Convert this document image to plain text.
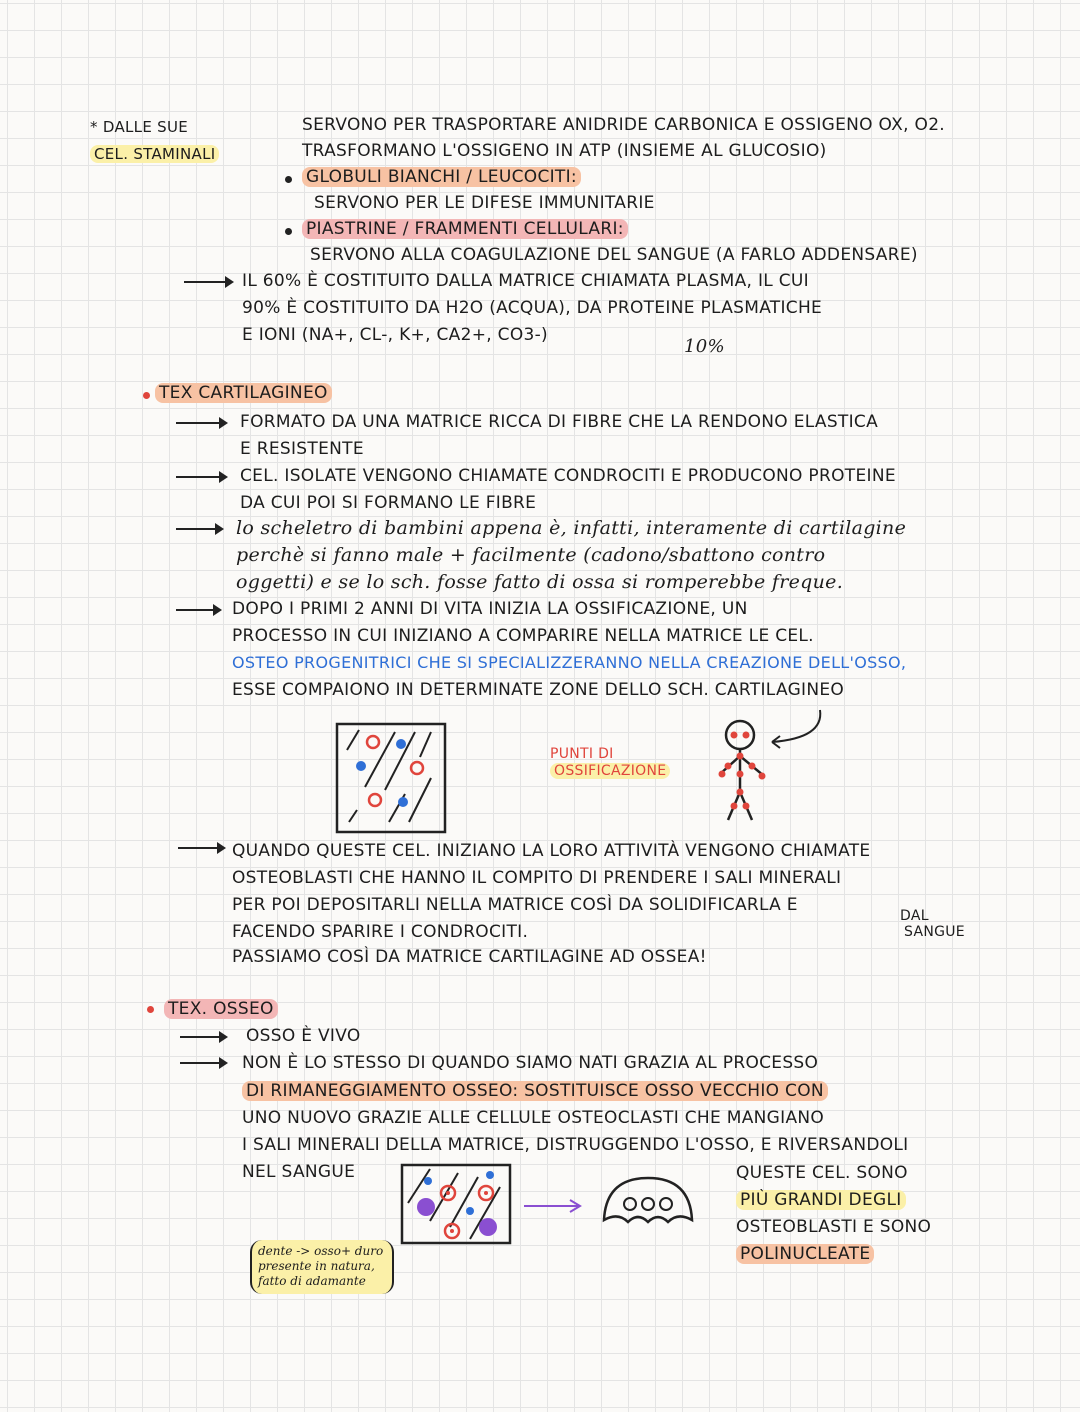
* DALLE SUE
CEL. STAMINALI
SERVONO PER TRASPORTARE ANIDRIDE CARBONICA E OSSIGENO OX, O2.
TRASFORMANO L'OSSIGENO IN ATP (INSIEME AL GLUCOSIO)
GLOBULI BIANCHI / LEUCOCITI:
SERVONO PER LE DIFESE IMMUNITARIE
PIASTRINE / FRAMMENTI CELLULARI:
SERVONO ALLA COAGULAZIONE DEL SANGUE (A FARLO ADDENSARE)
IL 60% È COSTITUITO DALLA MATRICE CHIAMATA PLASMA, IL CUI
90% È COSTITUITO DA H2O (ACQUA), DA PROTEINE PLASMATICHE
E IONI (NA+, CL-, K+, CA2+, CO3-)
10%
TEX CARTILAGINEO
FORMATO DA UNA MATRICE RICCA DI FIBRE CHE LA RENDONO ELASTICA
E RESISTENTE
CEL. ISOLATE VENGONO CHIAMATE CONDROCITI E PRODUCONO PROTEINE
DA CUI POI SI FORMANO LE FIBRE
lo scheletro di bambini appena è, infatti, interamente di cartilagine
perchè si fanno male + facilmente (cadono/sbattono contro
oggetti) e se lo sch. fosse fatto di ossa si romperebbe freque.
DOPO I PRIMI 2 ANNI DI VITA INIZIA LA OSSIFICAZIONE, UN
PROCESSO IN CUI INIZIANO A COMPARIRE NELLA MATRICE LE CEL.
OSTEO PROGENITRICI CHE SI SPECIALIZZERANNO NELLA CREAZIONE DELL'OSSO,
ESSE COMPAIONO IN DETERMINATE ZONE DELLO SCH. CARTILAGINEO
PUNTI DI
OSSIFICAZIONE
QUANDO QUESTE CEL. INIZIANO LA LORO ATTIVITÀ VENGONO CHIAMATE
OSTEOBLASTI CHE HANNO IL COMPITO DI PRENDERE I SALI MINERALI
PER POI DEPOSITARLI NELLA MATRICE COSÌ DA SOLIDIFICARLA E
FACENDO SPARIRE I CONDROCITI.
PASSIAMO COSÌ DA MATRICE CARTILAGINE AD OSSEA!
DAL
SANGUE
TEX. OSSEO
OSSO È VIVO
NON È LO STESSO DI QUANDO SIAMO NATI GRAZIA AL PROCESSO
DI RIMANEGGIAMENTO OSSEO: SOSTITUISCE OSSO VECCHIO CON
UNO NUOVO GRAZIE ALLE CELLULE OSTEOCLASTI CHE MANGIANO
I SALI MINERALI DELLA MATRICE, DISTRUGGENDO L'OSSO, E RIVERSANDOLI
NEL SANGUE	QUESTE CEL. SONO
PIÙ GRANDI DEGLI
OSTEOBLASTI E SONO
POLINUCLEATE
dente -> osso+ duro
presente in natura,
fatto di adamante
